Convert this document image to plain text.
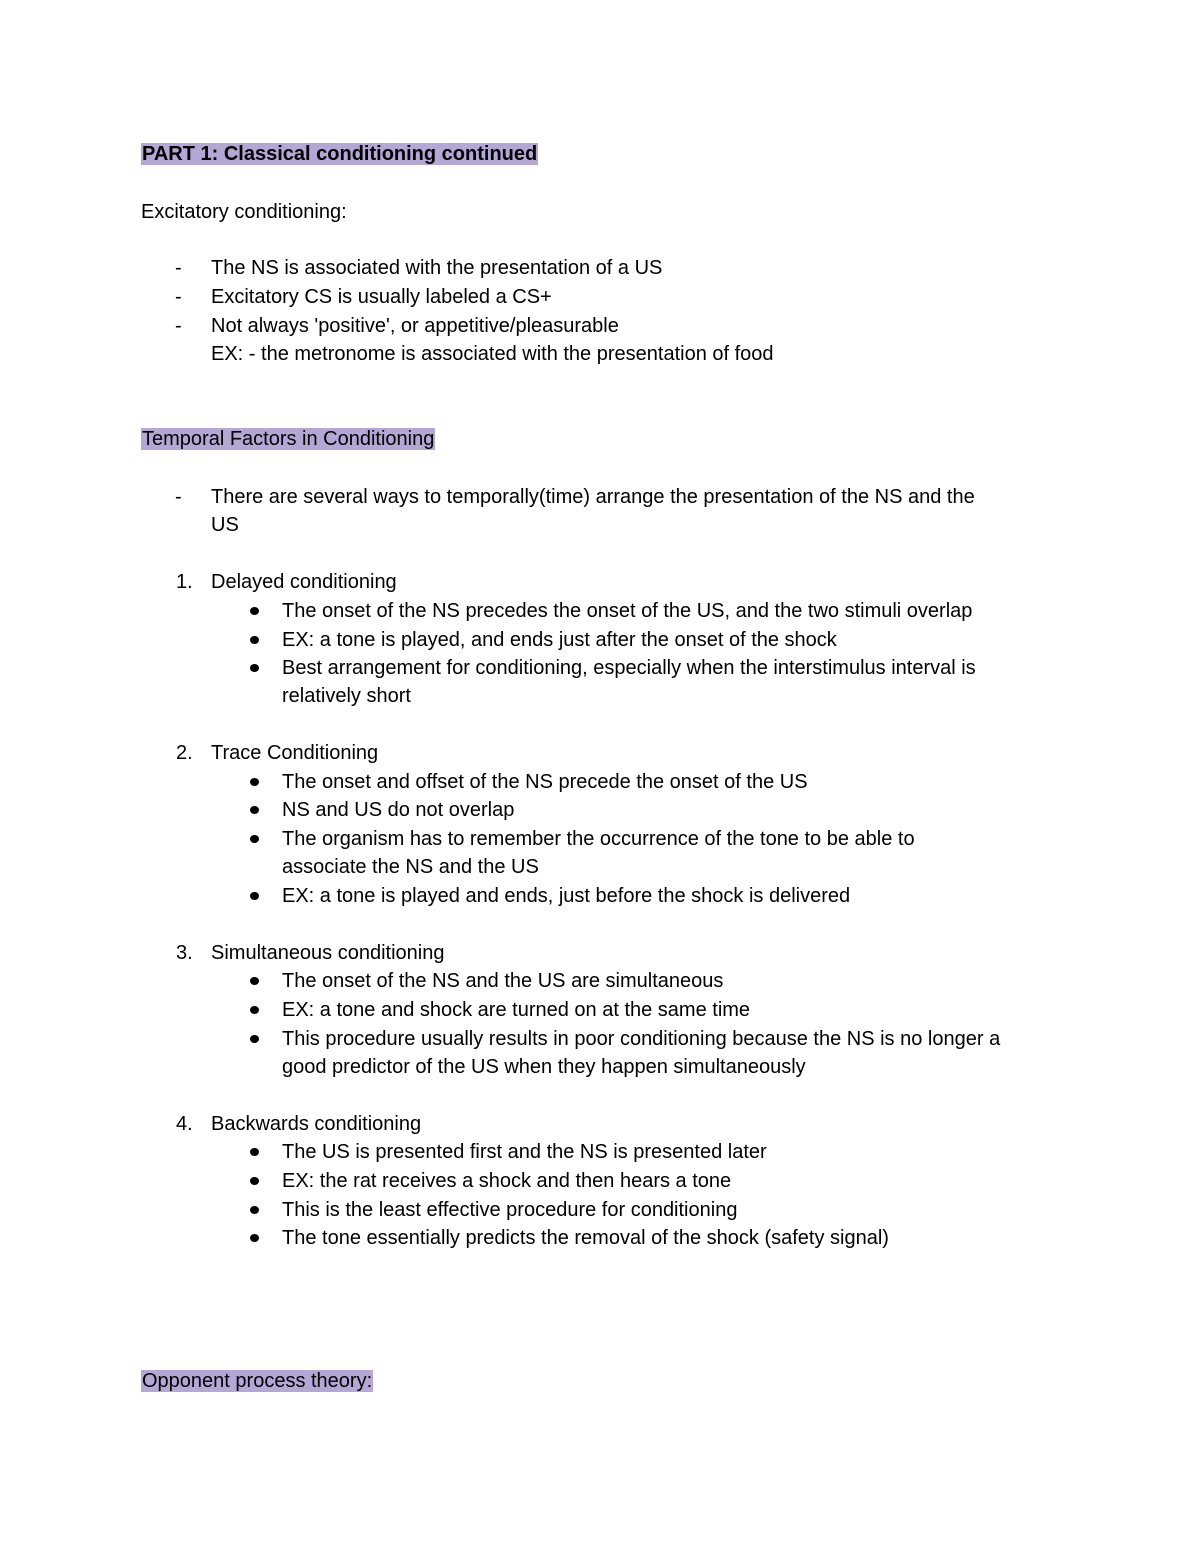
PART 1: Classical conditioning continued
Excitatory conditioning:
- The NS is associated with the presentation of a US
- Excitatory CS is usually labeled a CS+
- Not always 'positive', or appetitive/pleasurable
EX: - the metronome is associated with the presentation of food
Temporal Factors in Conditioning
- There are several ways to temporally(time) arrange the presentation of the NS and the
US
1. Delayed conditioning
The onset of the NS precedes the onset of the US, and the two stimuli overlap
EX: a tone is played, and ends just after the onset of the shock
Best arrangement for conditioning, especially when the interstimulus interval is
relatively short
2. Trace Conditioning
The onset and offset of the NS precede the onset of the US
NS and US do not overlap
The organism has to remember the occurrence of the tone to be able to
associate the NS and the US
EX: a tone is played and ends, just before the shock is delivered
3. Simultaneous conditioning
The onset of the NS and the US are simultaneous
EX: a tone and shock are turned on at the same time
This procedure usually results in poor conditioning because the NS is no longer a
good predictor of the US when they happen simultaneously
4. Backwards conditioning
The US is presented first and the NS is presented later
EX: the rat receives a shock and then hears a tone
This is the least effective procedure for conditioning
The tone essentially predicts the removal of the shock (safety signal)
Opponent process theory:
